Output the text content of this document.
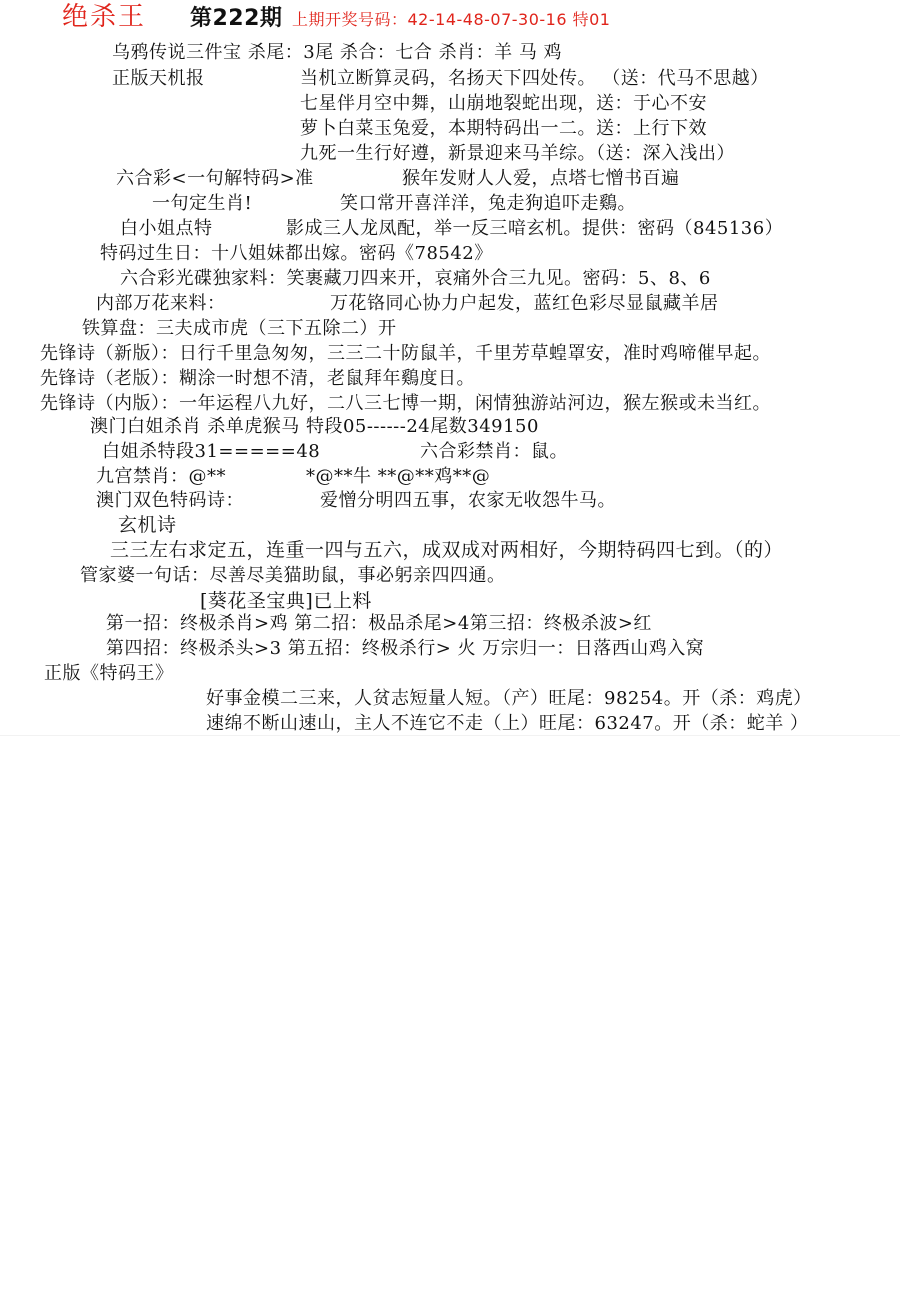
绝杀王 第222期 上期开奖号码：42-14-48-07-30-16 特01
乌鸦传说三件宝 杀尾：3尾 杀合：七合 杀肖：羊 马 鸡
正版天机报	当机立断算灵码，名扬天下四处传。 （送：代马不思越）
七星伴月空中舞，山崩地裂蛇出现，送：于心不安
萝卜白菜玉兔爱，本期特码出一二。送：上行下效
九死一生行好遵，新景迎来马羊综。（送：深入浅出）
六合彩<一句解特码>准	猴年发财人人爱，点塔七憎书百遍
一句定生肖!	笑口常开喜洋洋，兔走狗追吓走鷄。
白小姐点特	影成三人龙凤配，举一反三喑玄机。提供：密码（845136）
特码过生日：十八姐妹都出嫁。密码《78542》
六合彩光碟独家料：笑裹藏刀四来开，哀痛外合三九见。密码：5、8、6
内部万花来料：	万花铬同心协力户起发，蓝红色彩尽显鼠藏羊居
铁算盘：三夫成市虎（三下五除二）开
先锋诗（新版）：日行千里急匆匆，三三二十防鼠羊，千里芳草蝗罩安，准时鸡啼催早起。
先锋诗（老版）：糊涂一时想不清，老鼠拜年鷄度日。
先锋诗（内版）：一年运程八九好，二八三七博一期，闲情独游站河边，猴左猴或未当红。
澳门白姐杀肖 杀单虎猴马 特段05------24尾数349150
白姐杀特段31=====48	六合彩禁肖：鼠。
九宫禁肖：@**	*@**牛 **@**鸡**@
澳门双色特码诗：	爱憎分明四五事，农家无收怨牛马。
玄机诗
三三左右求定五，连重一四与五六，成双成对两相好，今期特码四七到。（的）
管家婆一句话：尽善尽美猫助鼠，事必躬亲四四通。
[葵花圣宝典]已上料
第一招：终极杀肖>鸡 第二招：极品杀尾>4第三招：终极杀波>红
第四招：终极杀头>3 第五招：终极杀行> 火 万宗归一：日落西山鸡入窝
正版《特码王》
好事金模二三来，人贫志短量人短。（产）旺尾：98254。开（杀：鸡虎）
速绵不断山速山，主人不连它不走（上）旺尾：63247。开（杀：蛇羊 ）
